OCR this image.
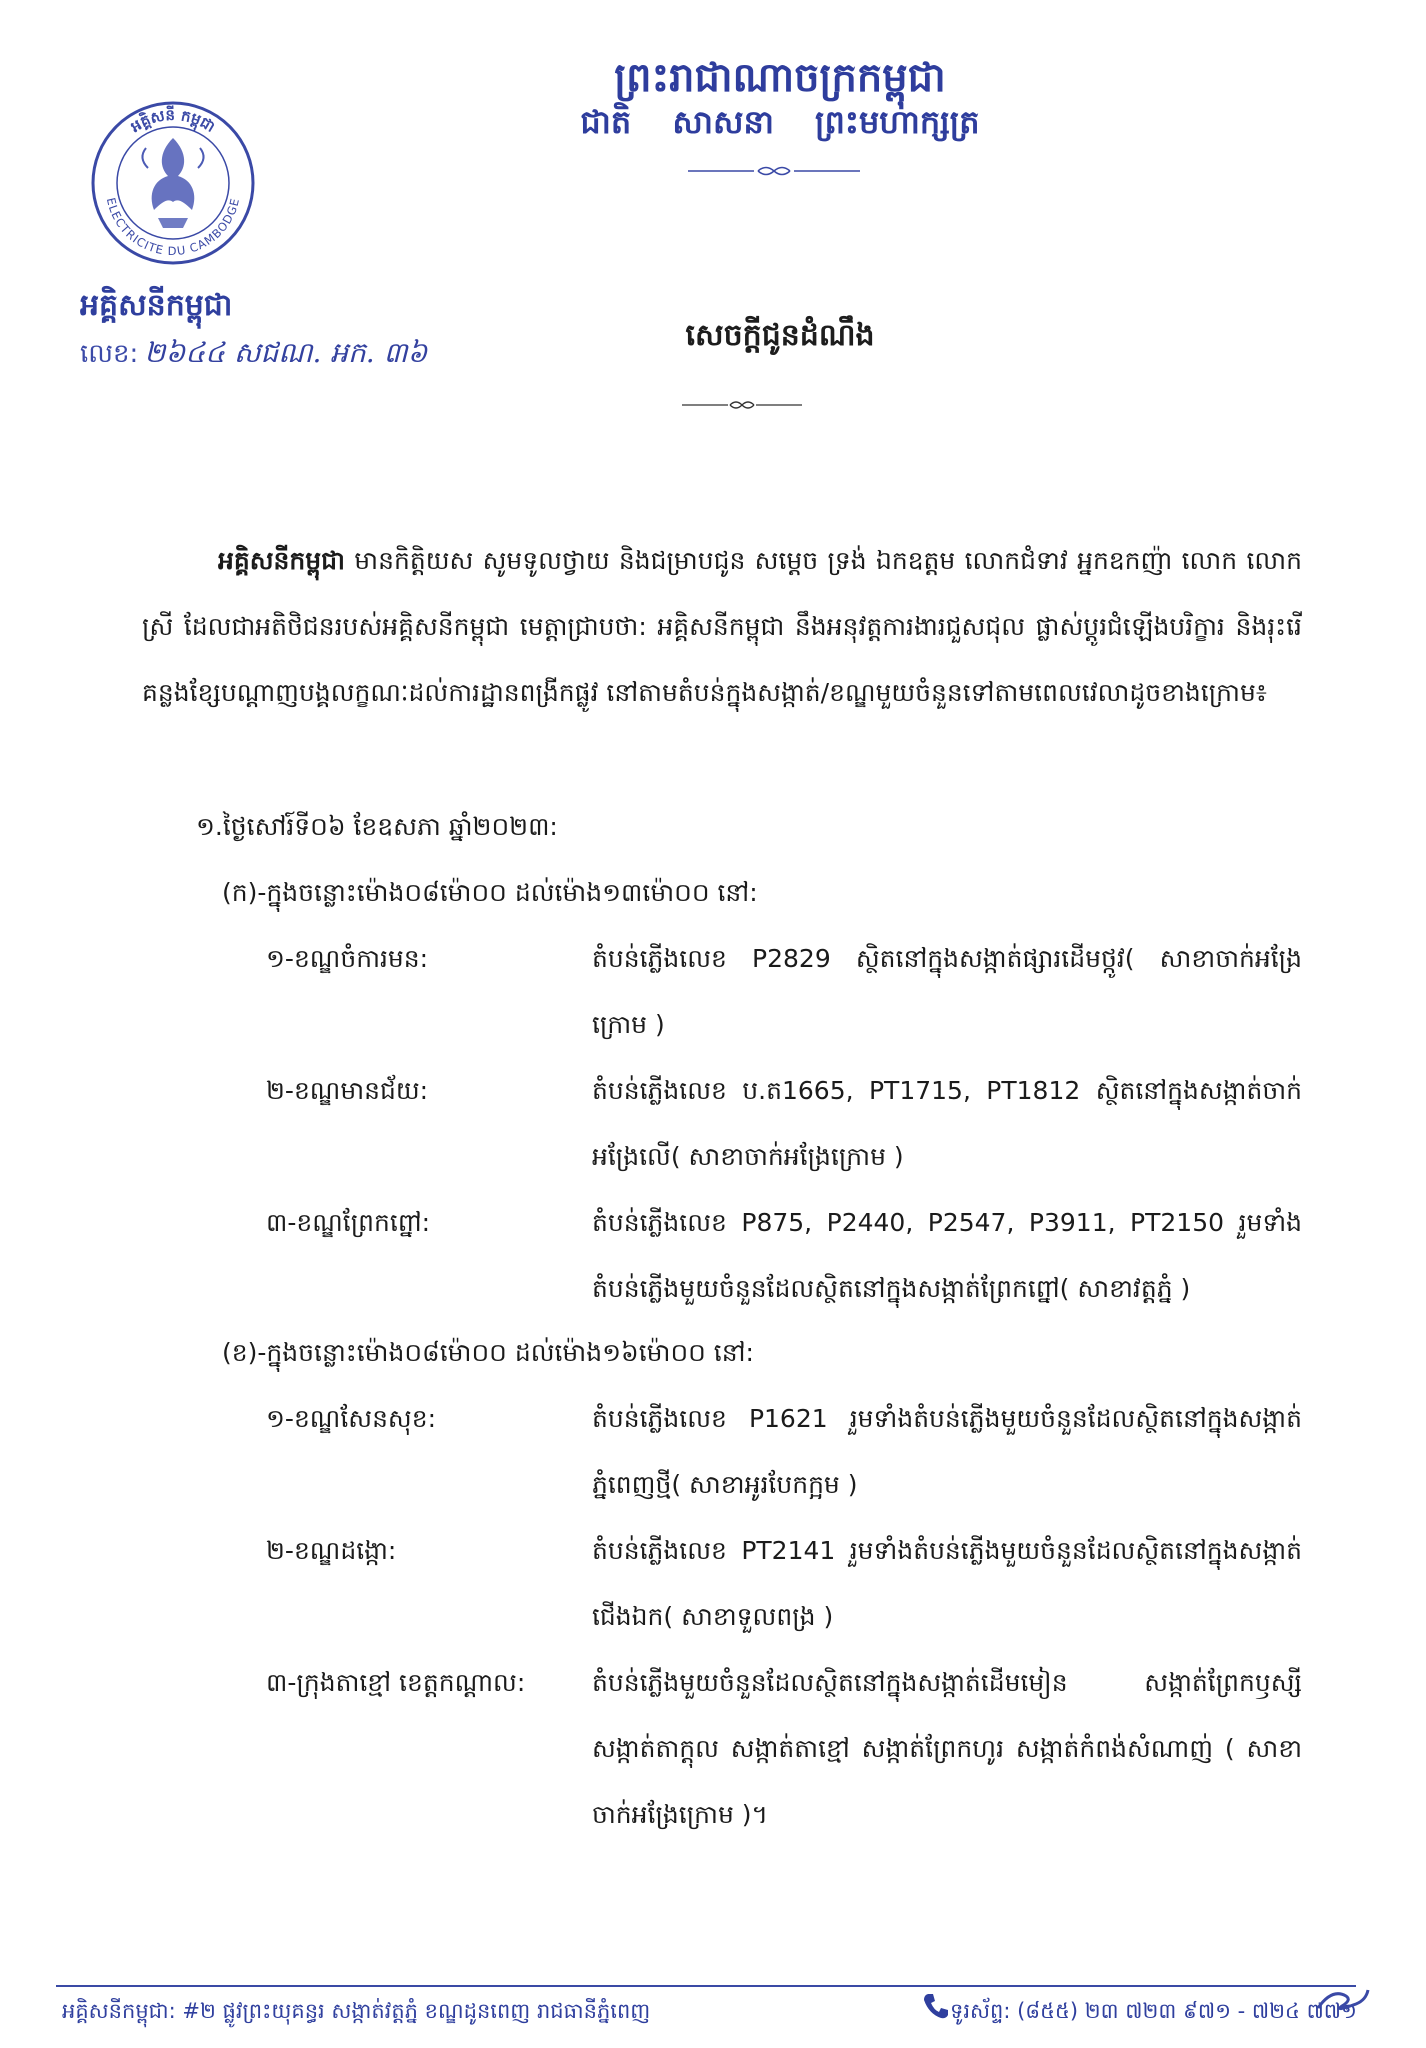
អគ្គិសនី កម្ពុជា
ELECTRICITE DU CAMBODGE
អគ្គិសនីកម្ពុជា
លេខ: ២៦៤៤ សជណ. អក. ៣៦
ព្រះរាជាណាចក្រកម្ពុជា
ជាតិ សាសនា ព្រះមហាក្សត្រ
សេចក្តីជូនដំណឹង
អគ្គិសនីកម្ពុជា មានកិត្តិយស សូមទូលថ្វាយ និងជម្រាបជូន សម្តេច ទ្រង់ ឯកឧត្តម លោកជំទាវ អ្នកឧកញ៉ា លោក លោកស្រី ដែលជាអតិថិជនរបស់អគ្គិសនីកម្ពុជា មេត្តាជ្រាបថា: អគ្គិសនីកម្ពុជា នឹងអនុវត្តការងារជួសជុល ផ្លាស់ប្តូរជំឡើងបរិក្ខារ និងរុះរើគន្លងខ្សែបណ្តាញបង្គលក្ខណៈដល់ការដ្ឋានពង្រីកផ្លូវ នៅតាមតំបន់ក្នុងសង្កាត់/ខណ្ឌមួយចំនួនទៅតាមពេលវេលាដូចខាងក្រោម៖
១.ថ្ងៃសៅរ៍ទី០៦ ខែឧសភា ឆ្នាំ២០២៣:
(ក)-ក្នុងចន្លោះម៉ោង០៨ម៉ោ០០ ដល់ម៉ោង១៣ម៉ោ០០ នៅ:
១-ខណ្ឌចំការមន:	តំបន់ភ្លើងលេខ P2829 ស្ថិតនៅក្នុងសង្កាត់ផ្សារដើមថ្កូវ( សាខាចាក់អង្រែក្រោម )
២-ខណ្ឌមានជ័យ:	តំបន់ភ្លើងលេខ ប.ត1665, PT1715, PT1812 ស្ថិតនៅក្នុងសង្កាត់ចាក់អង្រែលើ( សាខាចាក់អង្រែក្រោម )
៣-ខណ្ឌព្រែកព្នៅ:	តំបន់ភ្លើងលេខ P875, P2440, P2547, P3911, PT2150 រួមទាំងតំបន់ភ្លើងមួយចំនួនដែលស្ថិតនៅក្នុងសង្កាត់ព្រែកព្នៅ( សាខាវត្តភ្នំ )
(ខ)-ក្នុងចន្លោះម៉ោង០៨ម៉ោ០០ ដល់ម៉ោង១៦ម៉ោ០០ នៅ:
១-ខណ្ឌសែនសុខ:	តំបន់ភ្លើងលេខ P1621 រួមទាំងតំបន់ភ្លើងមួយចំនួនដែលស្ថិតនៅក្នុងសង្កាត់ភ្នំពេញថ្មី( សាខាអូរបែកក្អម )
២-ខណ្ឌដង្កោ:	តំបន់ភ្លើងលេខ PT2141 រួមទាំងតំបន់ភ្លើងមួយចំនួនដែលស្ថិតនៅក្នុងសង្កាត់ជើងឯក( សាខាទួលពង្រ )
៣-ក្រុងតាខ្មៅ ខេត្តកណ្តាល:	តំបន់ភ្លើងមួយចំនួនដែលស្ថិតនៅក្នុងសង្កាត់ដើមមៀន សង្កាត់ព្រែកឫស្សី សង្កាត់តាក្តុល សង្កាត់តាខ្មៅ សង្កាត់ព្រែកហូរ សង្កាត់កំពង់សំណាញ់ ( សាខាចាក់អង្រែក្រោម )។
អគ្គិសនីកម្ពុជា: #២ ផ្លូវព្រះយុគន្ធរ សង្កាត់វត្តភ្នំ ខណ្ឌដូនពេញ រាជធានីភ្នំពេញ	ទូរស័ព្ទ: (៨៥៥) ២៣ ៧២៣ ៩៧១ - ៧២៤ ៧៧១
